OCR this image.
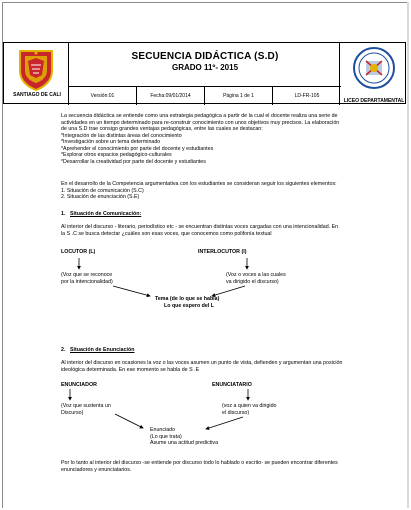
SANTIAGO DE CALI
SECUENCIA DIDÁCTICA (S.D)
GRADO 11º- 2015
Versión:01	Fecha:09/01/2014	Página 1 de 1	LD-FR-105
LICEO DEPARTAMENTAL
La secuencia didáctica se entiende como una estrategia pedagógica a partir de la cual el docente realiza una serie de
actividades en un tiempo determinado para re-construir conocimiento con unos objetivos muy precisos. La elaboración
de una S.D trae consigo grandes ventajas pedagógicas, entre las cuales se destacan:
*Integración de las distintas áreas del conocimiento
*Investigación sobre un tema determinado
*Aprehender el conocimiento por parte del docente y estudiantes
*Explorar otros espacios pedagógico-culturales
*Desarrollar la creatividad por parte del docente y estudiantes
En el desarrollo de la Competencia argumentativa con los estudiantes se consideran seguir los siguientes elementos:
1. Situación de comunicación (S.C)
2. Situación de enunciación (S.E)
1. Situación de Comunicación:
Al interior del discurso - literario, periodístico etc - se encuentran distintas voces cargadas con una intencionalidad. En
la S .C se busca detectar ¿cuáles son esas voces, que conocemos como polifonía textual
LOCUTOR (L)	INTERLOCUTOR (I)
(Voz que se reconoce
por la intencionalidad)
(Voz o voces a las cuales
va dirigido el discurso)
Tema (de lo que se habla)
Lo que espero del L
2. Situación de Enunciación
Al interior del discurso en ocasiones la voz o las voces asumen un punto de vista, defienden y argumentan una posición
ideológica determinada. En ese momento se habla de S .E
ENUNCIADOR	ENUNCIATARIO
(Voz que sustenta un
Discurso)
(voz a quien va dirigido
el discurso)
Enunciado
(Lo que trata)
Asume una actitud predictiva
Por lo tanto al interior del discurso -se entiende por discurso todo lo hablado o escrito- se pueden encontrar diferentes
enunciadores y enunciatarios.
